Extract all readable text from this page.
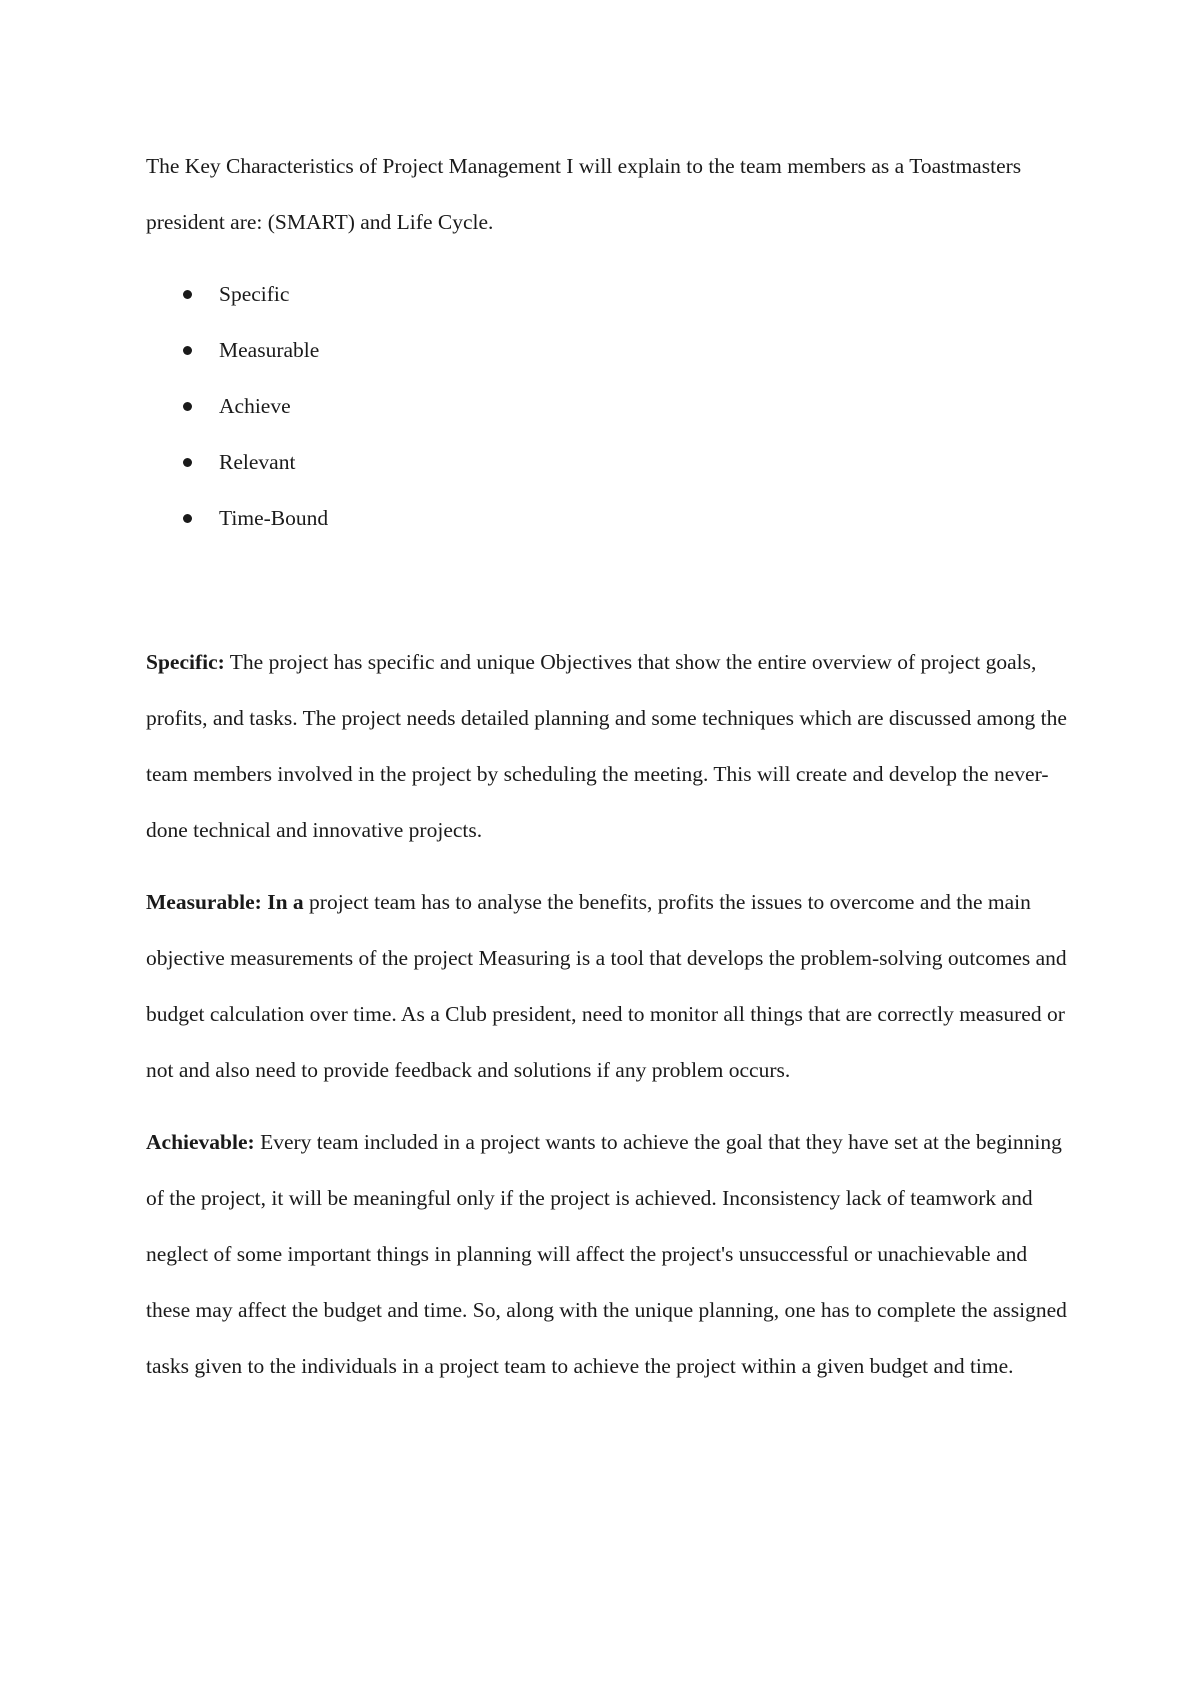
The Key Characteristics of Project Management I will explain to the team members as a Toastmasters president are: (SMART) and Life Cycle.

Specific
Measurable
Achieve
Relevant
Time-Bound

Specific: The project has specific and unique Objectives that show the entire overview of project goals, profits, and tasks. The project needs detailed planning and some techniques which are discussed among the team members involved in the project by scheduling the meeting. This will create and develop the never-done technical and innovative projects.

Measurable: In a project team has to analyse the benefits, profits the issues to overcome and the main objective measurements of the project Measuring is a tool that develops the problem-solving outcomes and budget calculation over time. As a Club president, need to monitor all things that are correctly measured or not and also need to provide feedback and solutions if any problem occurs.

Achievable: Every team included in a project wants to achieve the goal that they have set at the beginning of the project, it will be meaningful only if the project is achieved. Inconsistency lack of teamwork and neglect of some important things in planning will affect the project's unsuccessful or unachievable and these may affect the budget and time. So, along with the unique planning, one has to complete the assigned tasks given to the individuals in a project team to achieve the project within a given budget and time.
